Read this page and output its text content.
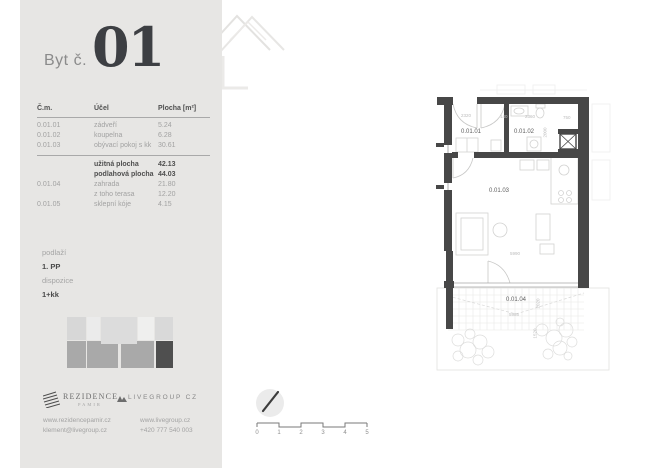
Byt č. 01
Č.m.	Účel	Plocha [m²]
0.01.01	zádveří	5.24
0.01.02	koupelna	6.28
0.01.03	obývací pokoj s kk 30.61
užitná plocha	42.13
podlahová plocha 44.03
0.01.04	zahrada	21.80
z toho terasa	12.20
0.01.05	sklepní kóje	4.15
podlaží
1. PP
dispozice
1+kk
REZIDENCE
PAMIR
LIVEGROUP CZ
www.rezidencepamir.cz
klement@livegroup.cz
www.livegroup.cz
+420 777 540 003	0	1	2	3	4	5
0.01.01	0.01.02
0.01.03
0.01.04
2320	140	2360	750
2000
5990
5985
2020
1520
